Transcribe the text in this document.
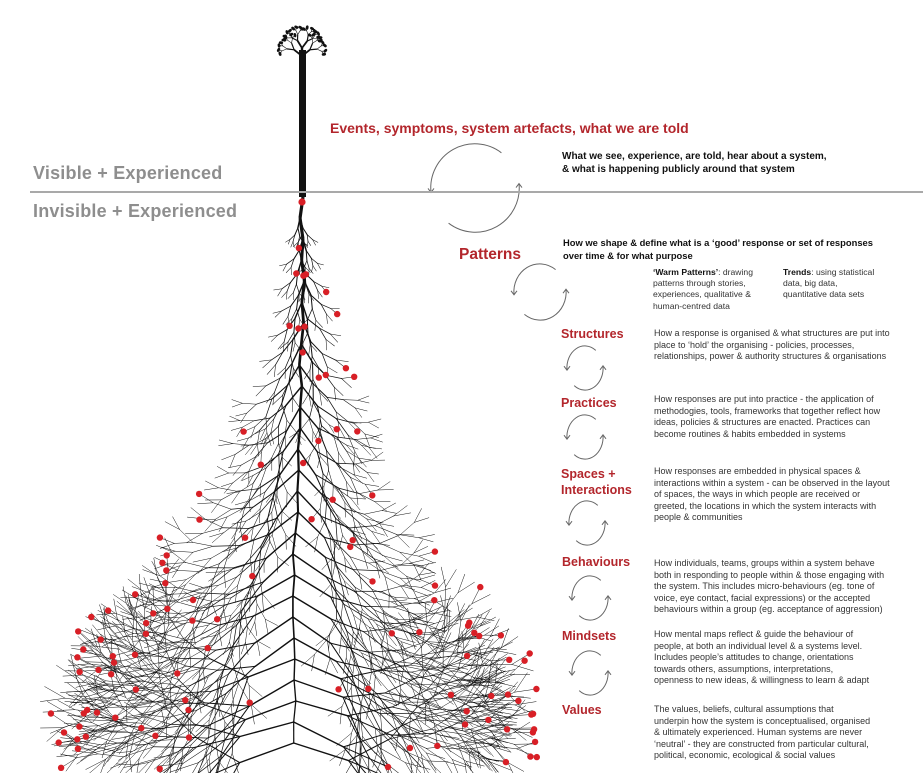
Visible + Experienced
Invisible + Experienced
Events, symptoms, system artefacts, what we are told
What we see, experience, are told, hear about a system,
& what is happening publicly around that system
Patterns
How we shape & define what is a ‘good’ response or set of responses
over time & for what purpose
‘Warm Patterns’: drawing
patterns through stories,
experiences, qualitative &
human-centred data
Trends: using statistical
data, big data,
quantitative data sets
Structures	How a response is organised & what structures are put into
place to ‘hold’ the organising - policies, processes,
relationships, power & authority structures & organisations
Practices	How responses are put into practice - the application of
methodogies, tools, frameworks that together reflect how
ideas, policies & structures are enacted. Practices can
become routines & habits embedded in systems
Spaces +
Interactions
How responses are embedded in physical spaces &
interactions within a system - can be observed in the layout
of spaces, the ways in which people are received or
greeted, the locations in which the system interacts with
people & communities
Behaviours	How individuals, teams, groups within a system behave
both in responding to people within & those engaging with
the system. This includes micro-behaviours (eg. tone of
voice, eye contact, facial expressions) or the accepted
behaviours within a group (eg. acceptance of aggression)
Mindsets	How mental maps reflect & guide the behaviour of
people, at both an individual level & a systems level.
Includes people’s attitudes to change, orientations
towards others, assumptions, interpretations,
openness to new ideas, & willingness to learn & adapt
Values	The values, beliefs, cultural assumptions that
underpin how the system is conceptualised, organised
& ultimately experienced. Human systems are never
‘neutral’ - they are constructed from particular cultural,
political, economic, ecological & social values
